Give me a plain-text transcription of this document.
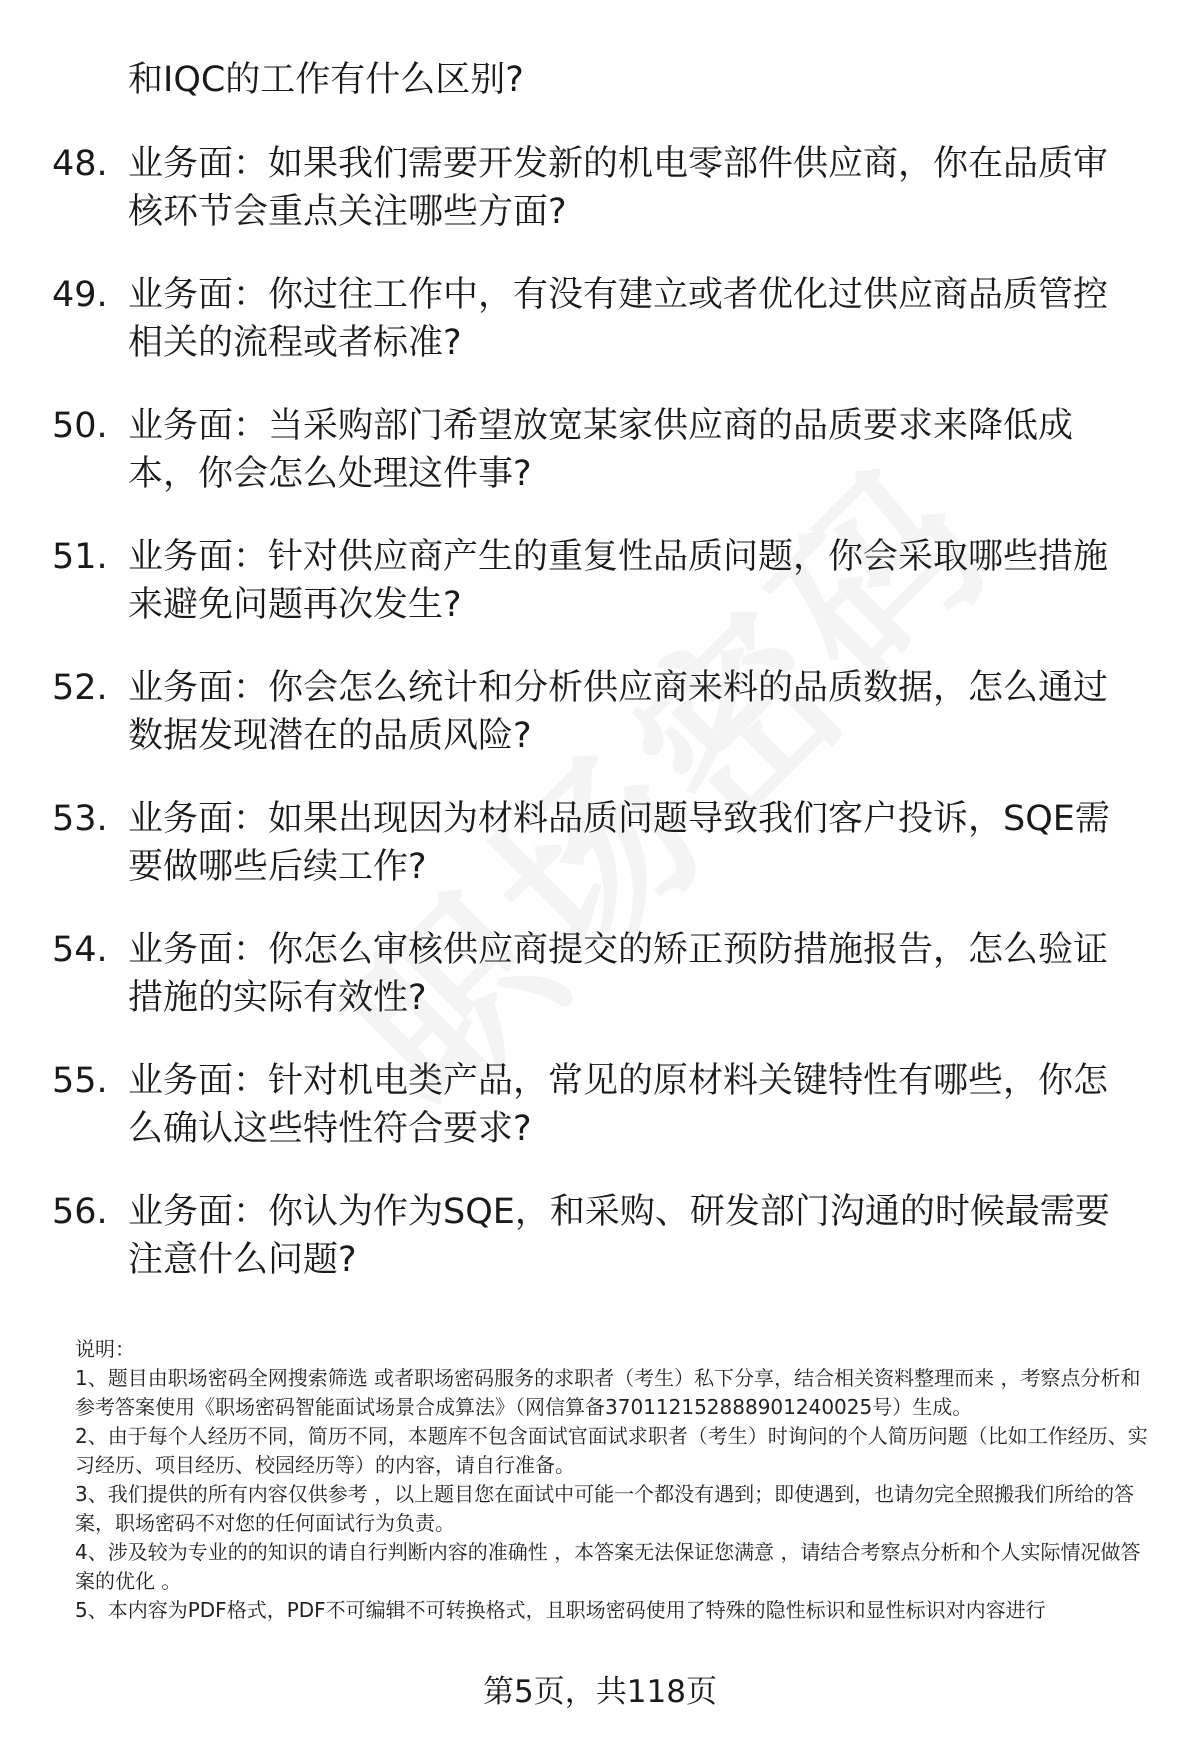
和IQC的工作有什么区别?
48. 业务面：如果我们需要开发新的机电零部件供应商，你在品质审核环节会重点关注哪些方面?
49. 业务面：你过往工作中，有没有建立或者优化过供应商品质管控相关的流程或者标准?
50. 业务面：当采购部门希望放宽某家供应商的品质要求来降低成本，你会怎么处理这件事?
51. 业务面：针对供应商产生的重复性品质问题，你会采取哪些措施来避免问题再次发生?
52. 业务面：你会怎么统计和分析供应商来料的品质数据，怎么通过数据发现潜在的品质风险?
53. 业务面：如果出现因为材料品质问题导致我们客户投诉，SQE需要做哪些后续工作?
54. 业务面：你怎么审核供应商提交的矫正预防措施报告，怎么验证措施的实际有效性?
55. 业务面：针对机电类产品，常见的原材料关键特性有哪些，你怎么确认这些特性符合要求?
56. 业务面：你认为作为SQE，和采购、研发部门沟通的时候最需要注意什么问题?

说明：

1、题目由职场密码全网搜索筛选 或者职场密码服务的求职者（考生）私下分享，结合相关资料整理而来 ，考察点分析和参考答案使用《职场密码智能面试场景合成算法》（网信算备370112152888901240025号）生成。

2、由于每个人经历不同，简历不同，本题库不包含面试官面试求职者（考生）时询问的个人简历问题（比如工作经历、实习经历、项目经历、校园经历等）的内容，请自行准备。

3、我们提供的所有内容仅供参考 ，以上题目您在面试中可能一个都没有遇到；即使遇到，也请勿完全照搬我们所给的答案，职场密码不对您的任何面试行为负责。

4、涉及较为专业的的知识的请自行判断内容的准确性 ，本答案无法保证您满意 ，请结合考察点分析和个人实际情况做答案的优化 。

5、本内容为PDF格式，PDF不可编辑不可转换格式，且职场密码使用了特殊的隐性标识和显性标识对内容进行

第5页，共118页
